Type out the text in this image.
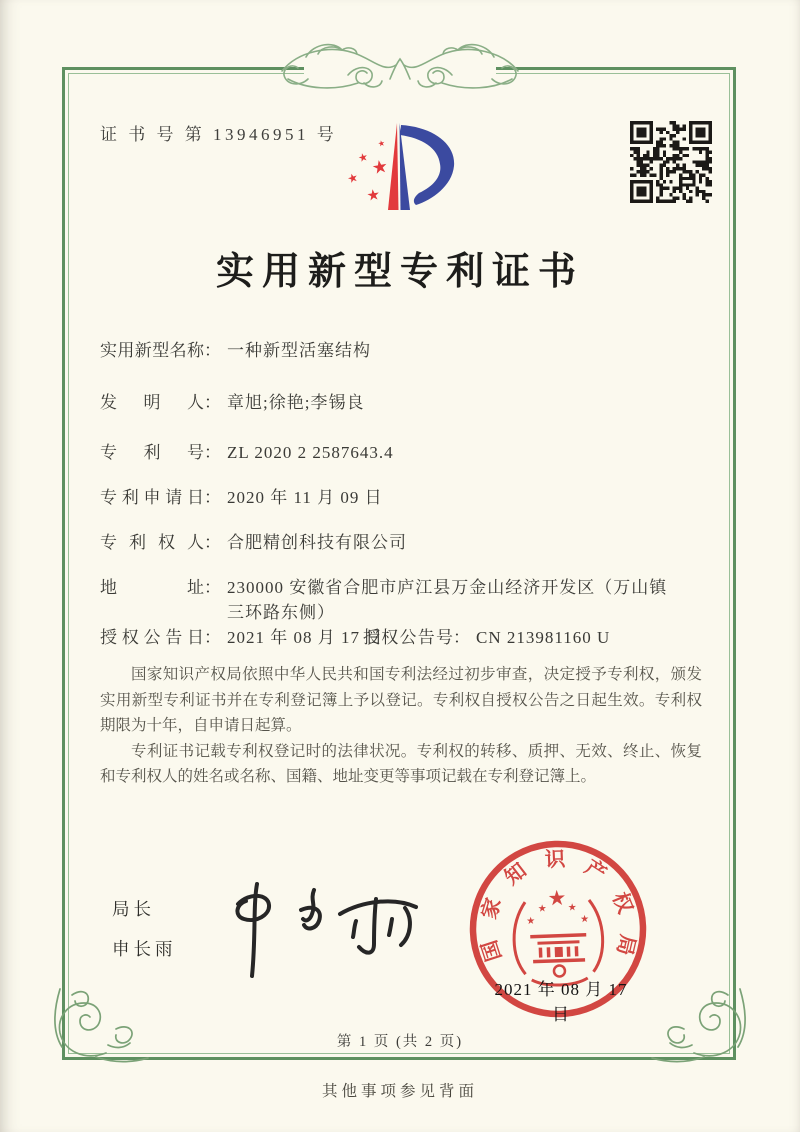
证 书 号 第 13946951 号	★
★ ★
★
★
实用新型专利证书
实用新型名称： 一种新型活塞结构
发明人： 章旭;徐艳;李锡良
专利号： ZL 2020 2 2587643.4
专利申请日： 2020 年 11 月 09 日
专利权人： 合肥精创科技有限公司
地址： 230000 安徽省合肥市庐江县万金山经济开发区（万山镇三环路东侧）
授权公告日： 2021 年 08 月 17 日
授权公告号： CN 213981160 U

国家知识产权局依照中华人民共和国专利法经过初步审查，决定授予专利权，颁发实用新型专利证书并在专利登记簿上予以登记。专利权自授权公告之日起生效。专利权期限为十年，自申请日起算。

专利证书记载专利权登记时的法律状况。专利权的转移、质押、无效、终止、恢复和专利权人的姓名或名称、国籍、地址变更等事项记载在专利登记簿上。

局长
申长雨	国家知识产权局
★
★
★ ★
★
2021 年 08 月 17 日
第 1 页 (共 2 页)
其他事项参见背面
